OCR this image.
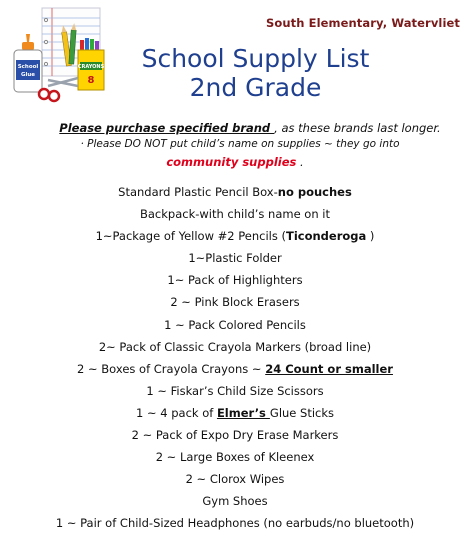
CRAYONS
8
School
Glue
South Elementary, Watervliet
School Supply List
2nd Grade
Please purchase specified brand , as these brands last longer.
· Please DO NOT put child’s name on supplies ~ they go into
community supplies .
Standard Plastic Pencil Box-no pouches
Backpack-with child’s name on it
1~Package of Yellow #2 Pencils (Ticonderoga )
1~Plastic Folder
1~ Pack of Highlighters
2 ~ Pink Block Erasers
1 ~ Pack Colored Pencils
2~ Pack of Classic Crayola Markers (broad line)
2 ~ Boxes of Crayola Crayons ~ 24 Count or smaller
1 ~ Fiskar’s Child Size Scissors
1 ~ 4 pack of Elmer’s Glue Sticks
2 ~ Pack of Expo Dry Erase Markers
2 ~ Large Boxes of Kleenex
2 ~ Clorox Wipes
Gym Shoes
1 ~ Pair of Child-Sized Headphones (no earbuds/no bluetooth)
